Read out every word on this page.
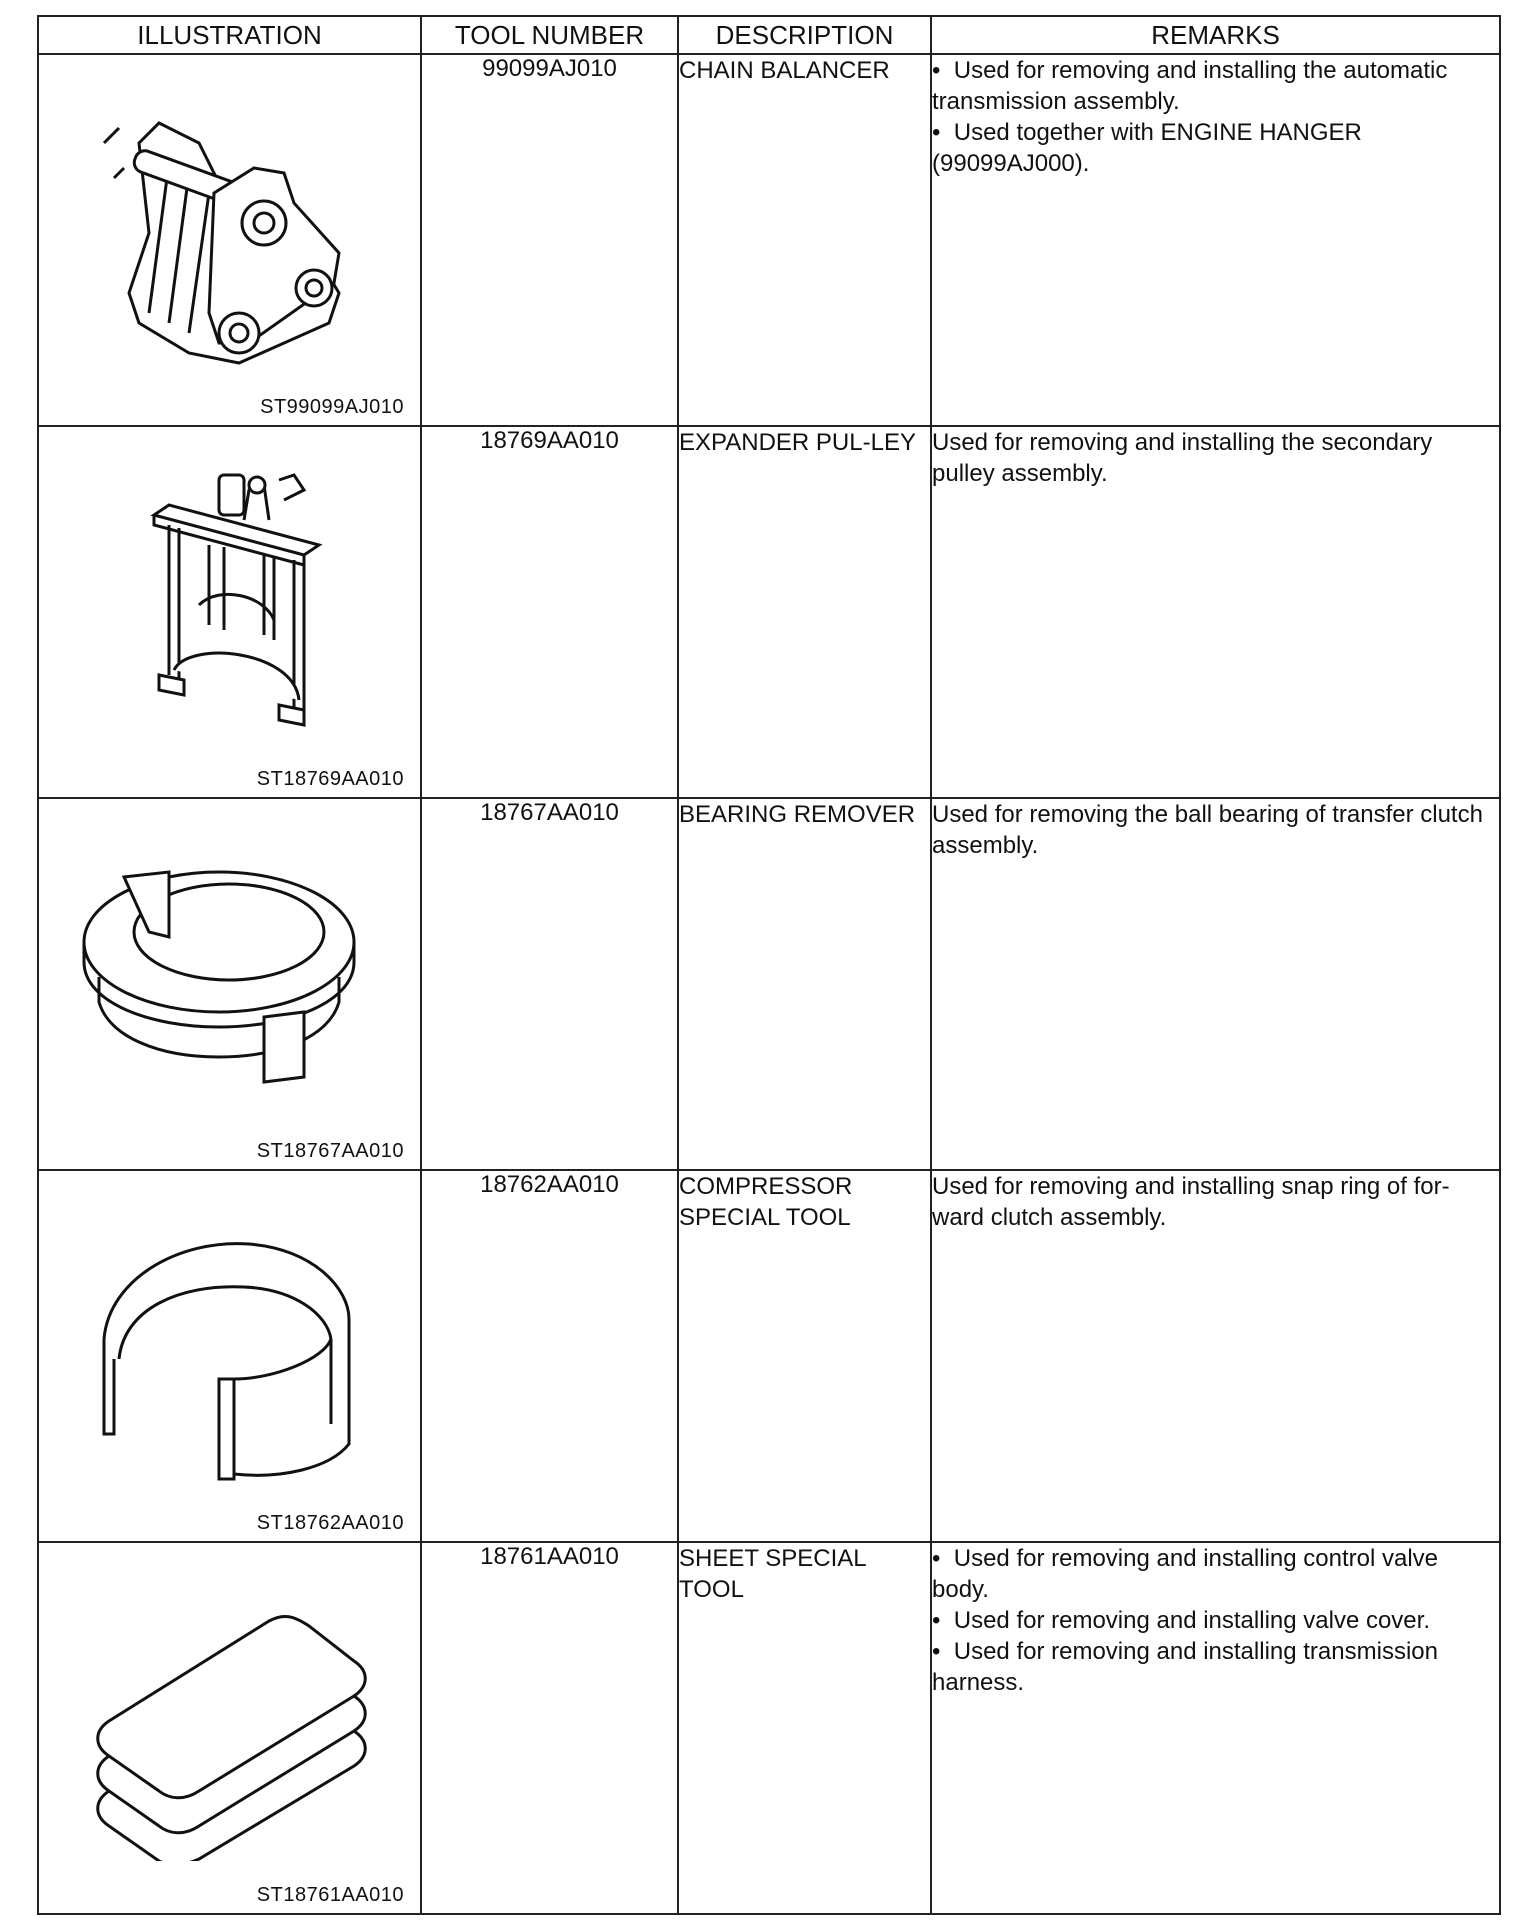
ILLUSTRATION	TOOL NUMBER	DESCRIPTION	REMARKS

ST99099AJ010	99099AJ010	CHAIN BALANCER	•  Used for removing and installing the automatic transmission assembly.
•  Used together with ENGINE HANGER (99099AJ000).

ST18769AA010	18769AA010	EXPANDER PUL-LEY	Used for removing and installing the secondary pulley assembly.

ST18767AA010	18767AA010	BEARING REMOVER	Used for removing the ball bearing of transfer clutch assembly.

ST18762AA010	18762AA010	COMPRESSOR SPECIAL TOOL	Used for removing and installing snap ring of for-ward clutch assembly.

ST18761AA010	18761AA010	SHEET SPECIAL TOOL	•  Used for removing and installing control valve body.
•  Used for removing and installing valve cover.
•  Used for removing and installing transmission harness.
